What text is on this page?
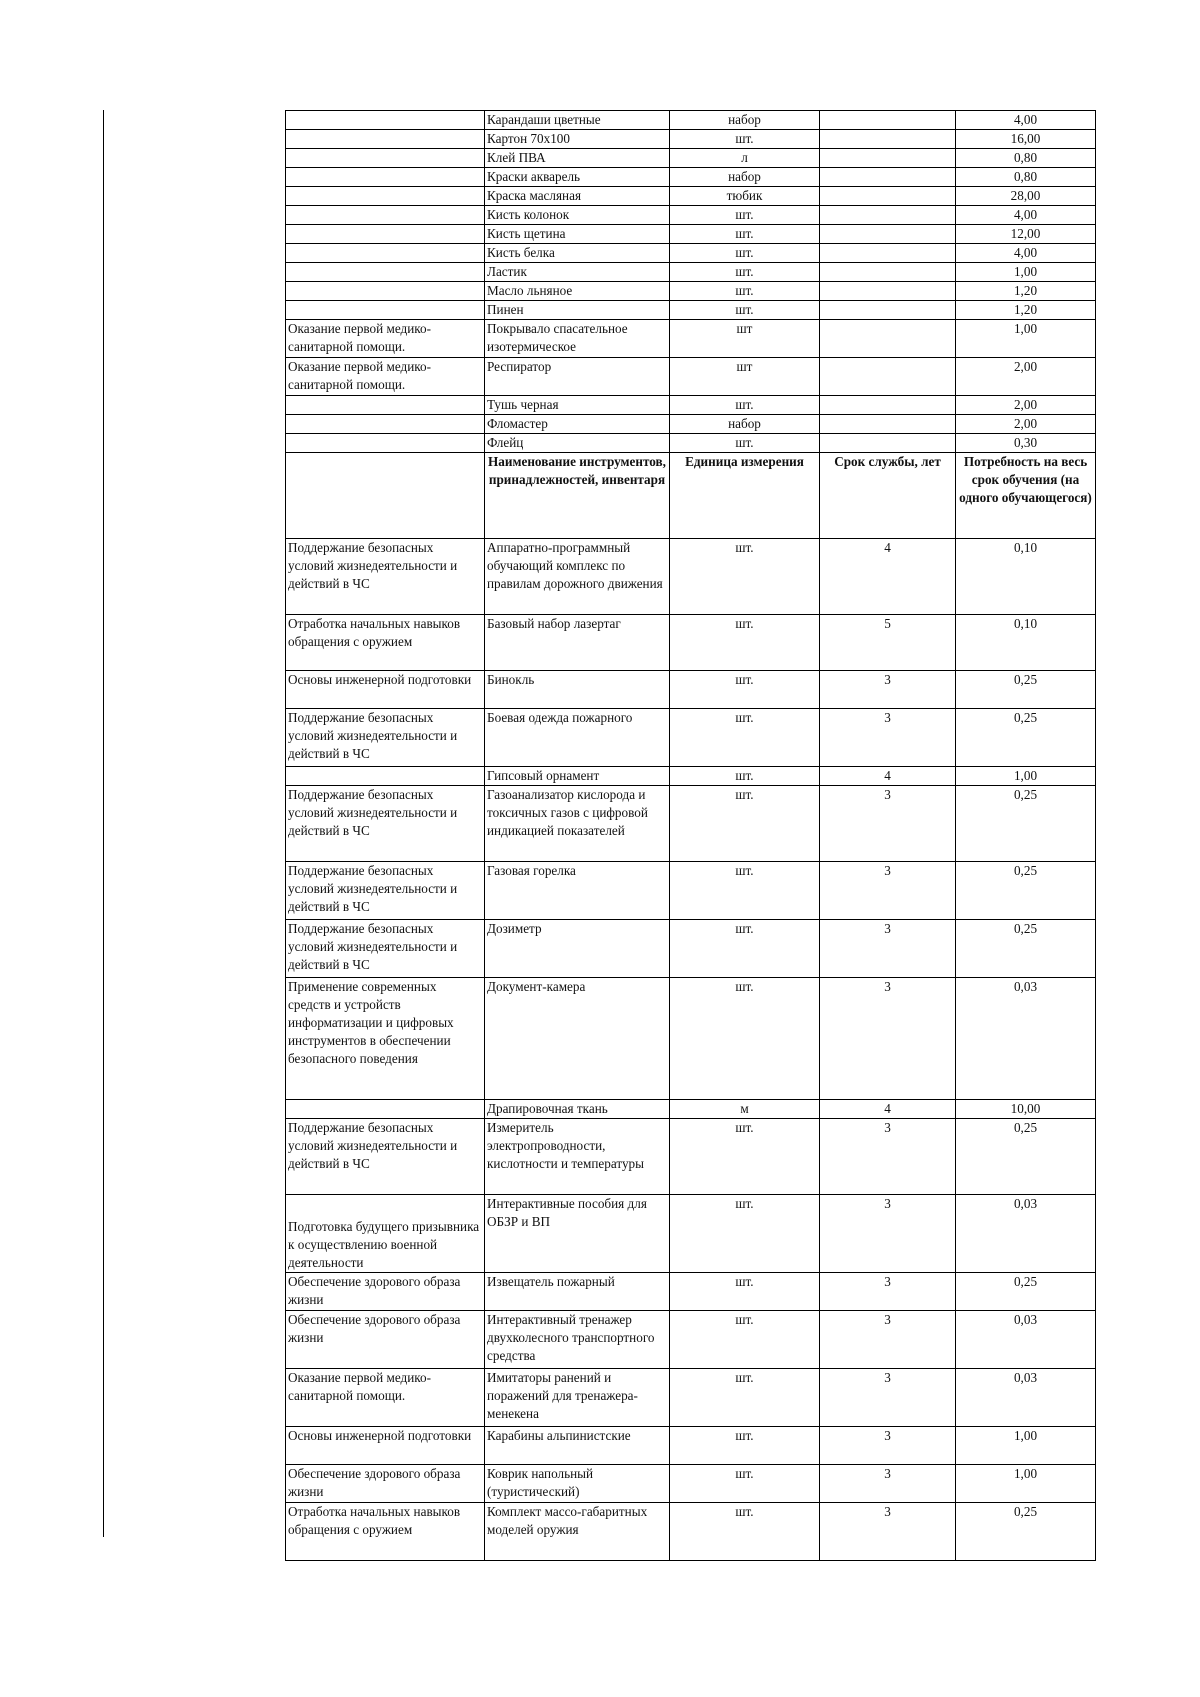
	Карандаши цветные	набор		4,00
	Картон 70х100	шт.		16,00
	Клей ПВА	л		0,80
	Краски акварель	набор		0,80
	Краска масляная	тюбик		28,00
	Кисть колонок	шт.		4,00
	Кисть щетина	шт.		12,00
	Кисть белка	шт.		4,00
	Ластик	шт.		1,00
	Масло льняное	шт.		1,20
	Пинен	шт.		1,20
Оказание первой медико-санитарной помощи.	Покрывало спасательное изотермическое	шт		1,00
Оказание первой медико-санитарной помощи.	Респиратор	шт		2,00
	Тушь черная	шт.		2,00
	Фломастер	набор		2,00
	Флейц	шт.		0,30
	Наименование инструментов, принадлежностей, инвентаря	Единица измерения	Срок службы, лет	Потребность на весь срок обучения (на одного обучающегося)
Поддержание безопасных условий жизнедеятельности и действий в ЧС	Аппаратно-программный обучающий комплекс по правилам дорожного движения	шт.	4	0,10
Отработка начальных навыков обращения с оружием	Базовый набор лазертаг	шт.	5	0,10
Основы инженерной подготовки	Бинокль	шт.	3	0,25
Поддержание безопасных условий жизнедеятельности и действий в ЧС	Боевая одежда пожарного	шт.	3	0,25
	Гипсовый орнамент	шт.	4	1,00
Поддержание безопасных условий жизнедеятельности и действий в ЧС	Газоанализатор кислорода и токсичных газов с цифровой индикацией показателей	шт.	3	0,25
Поддержание безопасных условий жизнедеятельности и действий в ЧС	Газовая горелка	шт.	3	0,25
Поддержание безопасных условий жизнедеятельности и действий в ЧС	Дозиметр	шт.	3	0,25
Применение современных средств и устройств информатизации и цифровых инструментов в обеспечении безопасного поведения	Документ-камера	шт.	3	0,03
	Драпировочная ткань	м	4	10,00
Поддержание безопасных условий жизнедеятельности и действий в ЧС	Измеритель электропроводности, кислотности и температуры	шт.	3	0,25
Подготовка будущего призывника к осуществлению военной деятельности	Интерактивные пособия для ОБЗР и ВП	шт.	3	0,03
Обеспечение здорового образа жизни	Извещатель пожарный	шт.	3	0,25
Обеспечение здорового образа жизни	Интерактивный тренажер двухколесного транспортного средства	шт.	3	0,03
Оказание первой медико-санитарной помощи.	Имитаторы ранений и поражений для тренажера-менекена	шт.	3	0,03
Основы инженерной подготовки	Карабины альпинистские	шт.	3	1,00
Обеспечение здорового образа жизни	Коврик напольный (туристический)	шт.	3	1,00
Отработка начальных навыков обращения с оружием	Комплект массо-габаритных моделей оружия	шт.	3	0,25
